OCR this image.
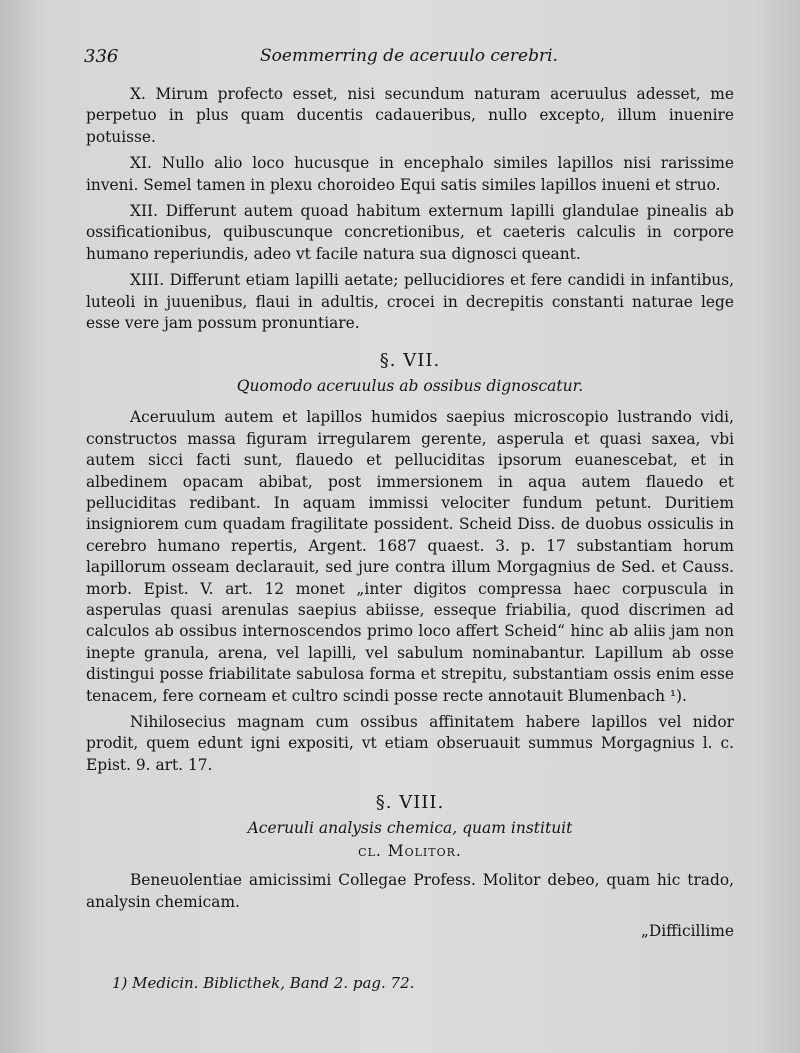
336	Soemmerring de aceruulo cerebri.

X. Mirum profecto esset, nisi secundum naturam aceruulus adesset, me perpetuo in plus quam ducentis cadaueribus, nullo excepto, illum inuenire potuisse.

XI. Nullo alio loco hucusque in encephalo similes lapillos nisi rarissime inveni. Semel tamen in plexu choroideo Equi satis similes lapillos inueni et struo.

XII. Differunt autem quoad habitum externum lapilli glandulae pinealis ab ossificationibus, quibuscunque concretionibus, et caeteris calculis in corpore humano reperiundis, adeo vt facile natura sua dignosci queant.

XIII. Differunt etiam lapilli aetate; pellucidiores et fere candidi in infantibus, luteoli in juuenibus, flaui in adultis, crocei in decrepitis constanti naturae lege esse vere jam possum pronuntiare.

§. VII.
Quomodo aceruulus ab ossibus dignoscatur.

Aceruulum autem et lapillos humidos saepius microscopio lustrando vidi, constructos massa figuram irregularem gerente, asperula et quasi saxea, vbi autem sicci facti sunt, flauedo et pelluciditas ipsorum euanescebat, et in albedinem opacam abibat, post immersionem in aqua autem flauedo et pelluciditas redibant. In aquam immissi velociter fundum petunt. Duritiem insigniorem cum quadam fragilitate possident. Scheid Diss. de duobus ossiculis in cerebro humano repertis, Argent. 1687 quaest. 3. p. 17 substantiam horum lapillorum osseam declarauit, sed jure contra illum Morgagnius de Sed. et Causs. morb. Epist. V. art. 12 monet „inter digitos compressa haec corpuscula in asperulas quasi arenulas saepius abiisse, esseque friabilia, quod discrimen ad calculos ab ossibus internoscendos primo loco affert Scheid“ hinc ab aliis jam non inepte granula, arena, vel lapilli, vel sabulum nominabantur. Lapillum ab osse distingui posse friabilitate sabulosa forma et strepitu, substantiam ossis enim esse tenacem, fere corneam et cultro scindi posse recte annotauit Blumenbach ¹).

Nihilosecius magnam cum ossibus affinitatem habere lapillos vel nidor prodit, quem edunt igni expositi, vt etiam obseruauit summus Morgagnius l. c. Epist. 9. art. 17.

§. VIII.
Aceruuli analysis chemica, quam instituit
cl. Molitor.

Beneuolentiae amicissimi Collegae Profess. Molitor debeo, quam hic trado, analysin chemicam.

„Difficillime
1) Medicin. Biblicthek, Band 2. pag. 72.
